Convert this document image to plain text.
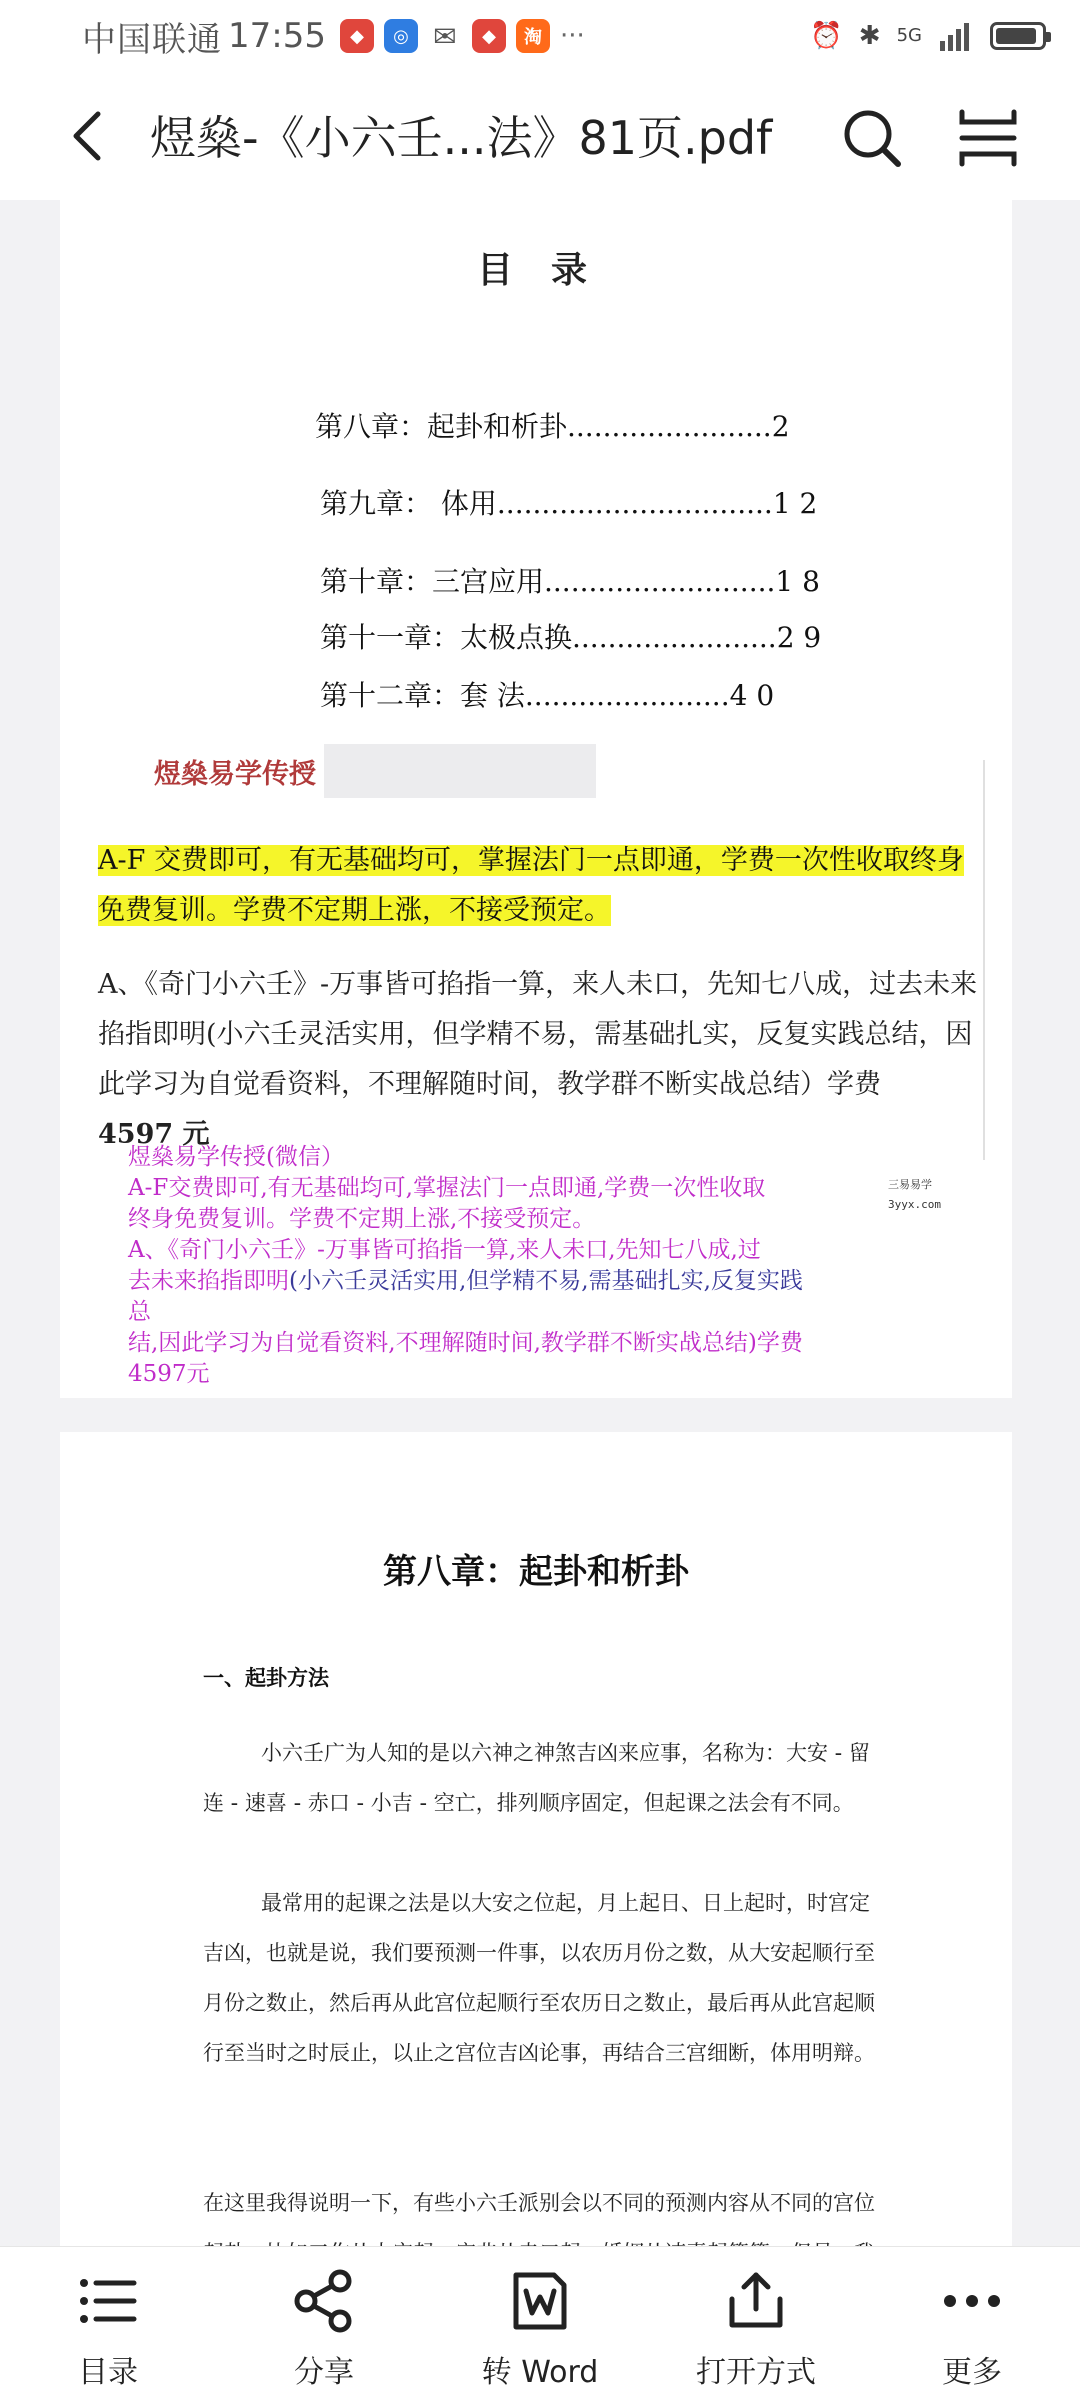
中国联通 17:55	◆	◎ ✉	◆	淘 ···	⏰ ✱ 5G
煜燊-《小六壬...法》81页.pdf
目录
第八章：起卦和析卦.......................2
第九章： 体用...............................1 2
第十章：三宫应用..........................1 8
第十一章：太极点换.......................2 9
第十二章：套 法.......................4 0
煜燊易学传授
A-F 交费即可，有无基础均可，掌握法门一点即通，学费一次性收取终身免费复训。学费不定期上涨，不接受预定。
A、《奇门小六壬》-万事皆可掐指一算，来人未口，先知七八成，过去未来掐指即明(小六壬灵活实用，但学精不易，需基础扎实，反复实践总结，因此学习为自觉看资料，不理解随时间，教学群不断实战总结）学费
4597 元
煜燊易学传授(微信）
A-F交费即可,有无基础均可,掌握法门一点即通,学费一次性收取
终身免费复训。学费不定期上涨,不接受预定。
A、《奇门小六壬》-万事皆可掐指一算,来人未口,先知七八成,过
去未来掐指即明(小六壬灵活实用,但学精不易,需基础扎实,反复实践
总
结,因此学习为自觉看资料,不理解随时间,教学群不断实战总结)学费
4597元
三易易学
3yyx.com
第八章：起卦和析卦
一、起卦方法
小六壬广为人知的是以六神之神煞吉凶来应事，名称为：大安 - 留连 - 速喜 - 赤口 - 小吉 - 空亡，排列顺序固定，但起课之法会有不同。
最常用的起课之法是以大安之位起，月上起日、日上起时，时宫定吉凶，也就是说，我们要预测一件事，以农历月份之数，从大安起顺行至月份之数止，然后再从此宫位起顺行至农历日之数止，最后再从此宫起顺行至当时之时辰止，以止之宫位吉凶论事，再结合三宫细断，体用明辩。
在这里我得说明一下，有些小六壬派别会以不同的预测内容从不同的宫位
目录	分享	转 Word	打开方式	更多
